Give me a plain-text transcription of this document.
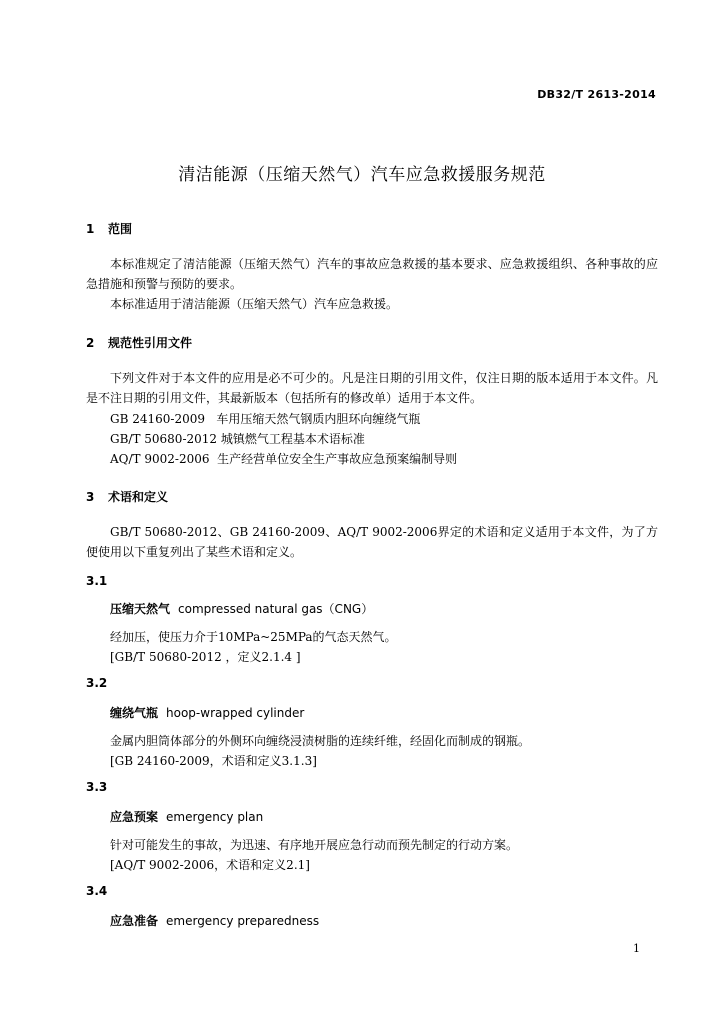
DB32/T 2613-2014
清洁能源（压缩天然气）汽车应急救援服务规范
1 范围
本标准规定了清洁能源（压缩天然气）汽车的事故应急救援的基本要求、应急救援组织、各种事故的应急措施和预警与预防的要求。
本标准适用于清洁能源（压缩天然气）汽车应急救援。
2 规范性引用文件
下列文件对于本文件的应用是必不可少的。凡是注日期的引用文件，仅注日期的版本适用于本文件。凡是不注日期的引用文件，其最新版本（包括所有的修改单）适用于本文件。
GB 24160-2009   车用压缩天然气钢质内胆环向缠绕气瓶
GB/T 50680-2012 城镇燃气工程基本术语标准
AQ/T 9002-2006  生产经营单位安全生产事故应急预案编制导则
3 术语和定义
GB/T 50680-2012、GB 24160-2009、AQ/T 9002-2006界定的术语和定义适用于本文件，为了方便使用以下重复列出了某些术语和定义。
3.1
压缩天然气 compressed natural gas（CNG）
经加压，使压力介于10MPa~25MPa的气态天然气。
[GB/T 50680-2012 ，定义2.1.4 ]
3.2
缠绕气瓶 hoop-wrapped cylinder
金属内胆筒体部分的外侧环向缠绕浸渍树脂的连续纤维，经固化而制成的钢瓶。
[GB 24160-2009，术语和定义3.1.3]
3.3
应急预案 emergency plan
针对可能发生的事故，为迅速、有序地开展应急行动而预先制定的行动方案。
[AQ/T 9002-2006，术语和定义2.1]
3.4
应急准备 emergency preparedness
1
